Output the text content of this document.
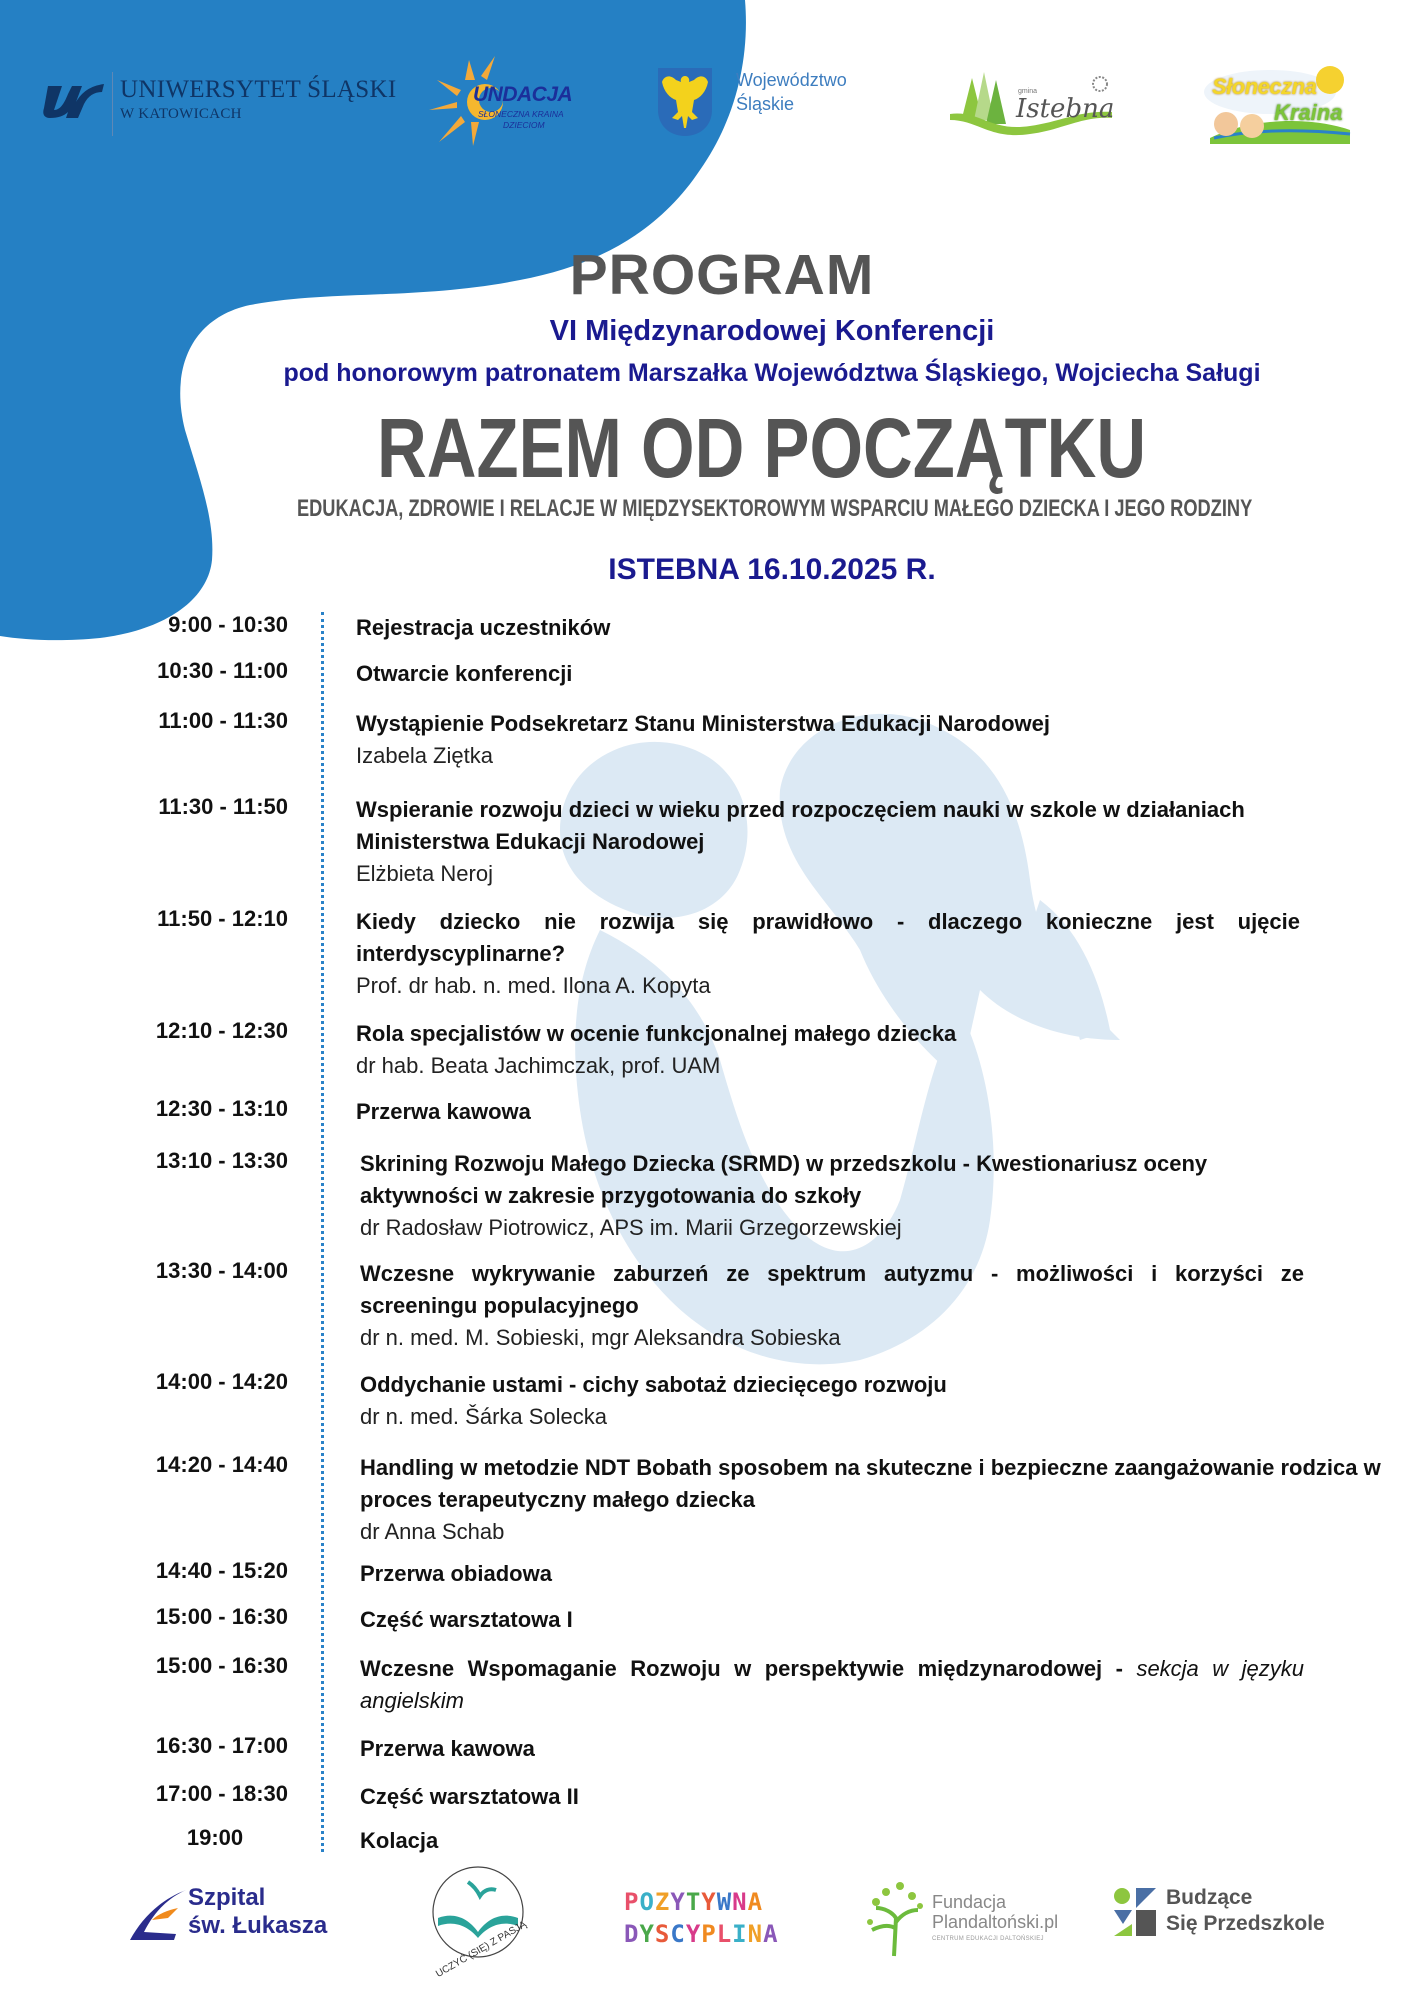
UNIWERSYTET ŚLĄSKI
W KATOWICACH
UNDACJA
SŁONECZNA KRAINA
DZIECIOM
Województwo
Śląskie
gmina
Istebna
Słoneczna
Kraina
PROGRAM
VI Międzynarodowej Konferencji
pod honorowym patronatem Marszałka Województwa Śląskiego, Wojciecha Saługi
RAZEM OD POCZĄTKU
EDUKACJA, ZDROWIE I RELACJE W MIĘDZYSEKTOROWYM WSPARCIU MAŁEGO DZIECKA I JEGO RODZINY
ISTEBNA 16.10.2025 R.
9:00 - 10:30	Rejestracja uczestników
10:30 - 11:00	Otwarcie konferencji
11:00 - 11:30	Wystąpienie Podsekretarz Stanu Ministerstwa Edukacji Narodowej
Izabela Ziętka
11:30 - 11:50	Wspieranie rozwoju dzieci w wieku przed rozpoczęciem nauki w szkole w działaniach Ministerstwa Edukacji Narodowej
Elżbieta Neroj
11:50 - 12:10	Kiedy dziecko nie rozwija się prawidłowo - dlaczego konieczne jest ujęcie interdyscyplinarne?
Prof. dr hab. n. med. Ilona A. Kopyta
12:10 - 12:30	Rola specjalistów w ocenie funkcjonalnej małego dziecka
dr hab. Beata Jachimczak, prof. UAM
12:30 - 13:10	Przerwa kawowa
13:10 - 13:30	Skrining Rozwoju Małego Dziecka (SRMD) w przedszkolu - Kwestionariusz oceny aktywności w zakresie przygotowania do szkoły
dr Radosław Piotrowicz, APS im. Marii Grzegorzewskiej
13:30 - 14:00	Wczesne wykrywanie zaburzeń ze spektrum autyzmu - możliwości i korzyści ze screeningu populacyjnego
dr n. med. M. Sobieski, mgr Aleksandra Sobieska
14:00 - 14:20	Oddychanie ustami - cichy sabotaż dziecięcego rozwoju
dr n. med. Šárka Solecka
14:20 - 14:40	Handling w metodzie NDT Bobath sposobem na skuteczne i bezpieczne zaangażowanie rodzica w proces terapeutyczny małego dziecka
dr Anna Schab
14:40 - 15:20	Przerwa obiadowa
15:00 - 16:30	Część warsztatowa I
15:00 - 16:30	Wczesne Wspomaganie Rozwoju w perspektywie międzynarodowej - sekcja w języku angielskim
16:30 - 17:00	Przerwa kawowa
17:00 - 18:30	Część warsztatowa II
19:00	Kolacja
Szpital
św. Łukasza	UCZYĆ (SIĘ) Z PASJĄ
POZYTYWNA
DYSCYPLINA
Fundacja
Plandaltoński.pl
CENTRUM EDUKACJI DALTOŃSKIEJ
Budzące
Się Przedszkole
